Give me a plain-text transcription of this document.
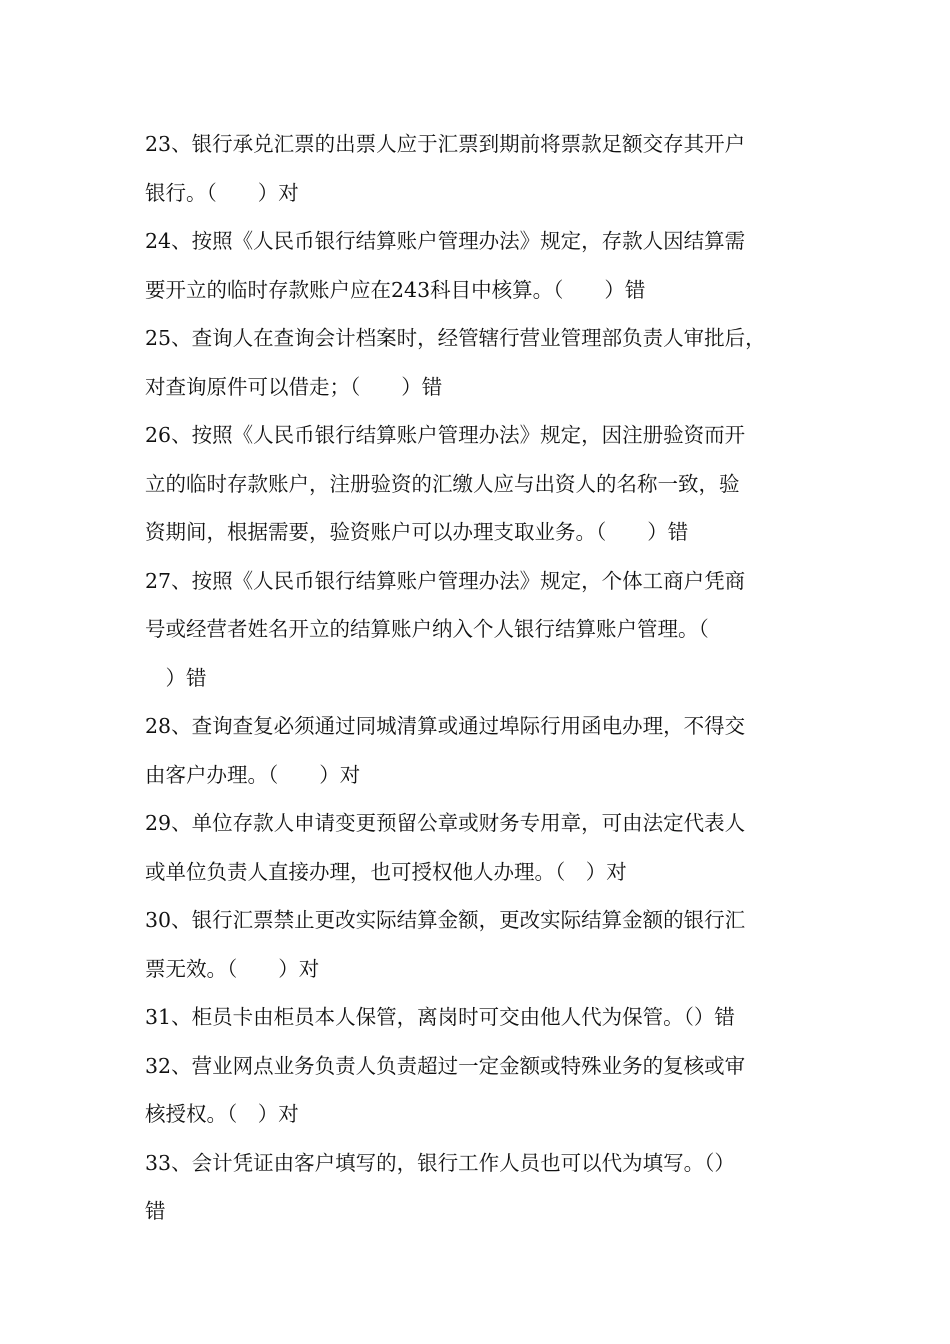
23、银行承兑汇票的出票人应于汇票到期前将票款足额交存其开户
银行。（　　）对
24、按照《人民币银行结算账户管理办法》规定，存款人因结算需
要开立的临时存款账户应在243科目中核算。（　　）错
25、查询人在查询会计档案时，经管辖行营业管理部负责人审批后，
对查询原件可以借走；（　　）错
26、按照《人民币银行结算账户管理办法》规定，因注册验资而开
立的临时存款账户，注册验资的汇缴人应与出资人的名称一致，验
资期间，根据需要，验资账户可以办理支取业务。（　　）错
27、按照《人民币银行结算账户管理办法》规定，个体工商户凭商
号或经营者姓名开立的结算账户纳入个人银行结算账户管理。（
　）错
28、查询查复必须通过同城清算或通过埠际行用函电办理，不得交
由客户办理。（　　）对
29、单位存款人申请变更预留公章或财务专用章，可由法定代表人
或单位负责人直接办理，也可授权他人办理。（　）对
30、银行汇票禁止更改实际结算金额，更改实际结算金额的银行汇
票无效。（　　）对
31、柜员卡由柜员本人保管，离岗时可交由他人代为保管。（）错
32、营业网点业务负责人负责超过一定金额或特殊业务的复核或审
核授权。（　）对
33、会计凭证由客户填写的，银行工作人员也可以代为填写。（）
错
